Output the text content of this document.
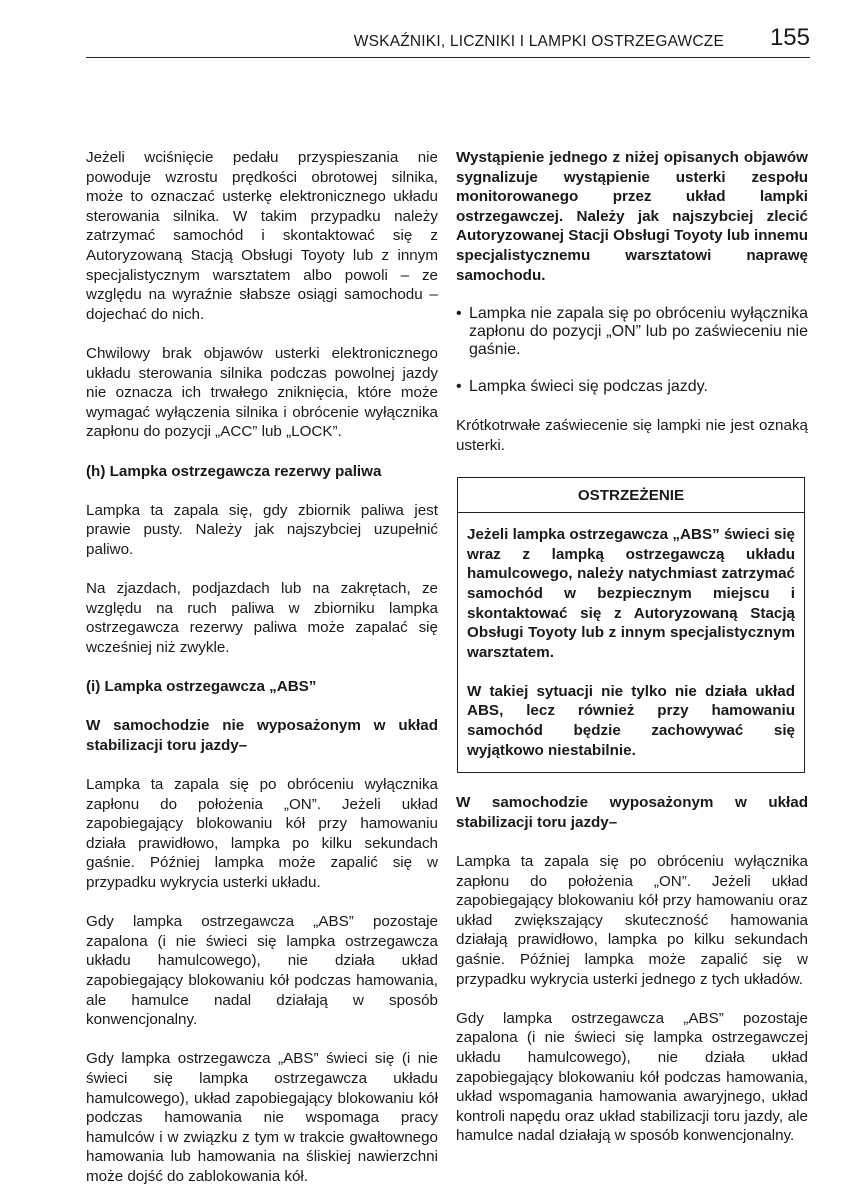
WSKAŹNIKI, LICZNIKI I LAMPKI OSTRZEGAWCZE 155

Jeżeli wciśnięcie pedału przyspieszania nie powoduje wzrostu prędkości obrotowej silnika, może to oznaczać usterkę elektronicznego układu sterowania silnika. W takim przypadku należy zatrzymać samochód i skontaktować się z Autoryzowaną Stacją Obsługi Toyoty lub z innym specjalistycznym warsztatem albo powoli – ze względu na wyraźnie słabsze osiągi samochodu – dojechać do nich.

Chwilowy brak objawów usterki elektronicznego układu sterowania silnika podczas powolnej jazdy nie oznacza ich trwałego zniknięcia, które może wymagać wyłączenia silnika i obrócenie wyłącznika zapłonu do pozycji „ACC” lub „LOCK”.

(h) Lampka ostrzegawcza rezerwy paliwa

Lampka ta zapala się, gdy zbiornik paliwa jest prawie pusty. Należy jak najszybciej uzupełnić paliwo.

Na zjazdach, podjazdach lub na zakrętach, ze względu na ruch paliwa w zbiorniku lampka ostrzegawcza rezerwy paliwa może zapalać się wcześniej niż zwykle.

(i) Lampka ostrzegawcza „ABS”

W samochodzie nie wyposażonym w układ stabilizacji toru jazdy–

Lampka ta zapala się po obróceniu wyłącznika zapłonu do położenia „ON”. Jeżeli układ zapobiegający blokowaniu kół przy hamowaniu działa prawidłowo, lampka po kilku sekundach gaśnie. Później lampka może zapalić się w przypadku wykrycia usterki układu.

Gdy lampka ostrzegawcza „ABS” pozostaje zapalona (i nie świeci się lampka ostrzegawcza układu hamulcowego), nie działa układ zapobiegający blokowaniu kół podczas hamowania, ale hamulce nadal działają w sposób konwencjonalny.

Gdy lampka ostrzegawcza „ABS” świeci się (i nie świeci się lampka ostrzegawcza układu hamulcowego), układ zapobiegający blokowaniu kół podczas hamowania nie wspomaga pracy hamulców i w związku z tym w trakcie gwałtownego hamowania lub hamowania na śliskiej nawierzchni może dojść do zablokowania kół.

Wystąpienie jednego z niżej opisanych objawów sygnalizuje wystąpienie usterki zespołu monitorowanego przez układ lampki ostrzegawczej. Należy jak najszybciej zlecić Autoryzowanej Stacji Obsługi Toyoty lub innemu specjalistycznemu warsztatowi naprawę samochodu.

• Lampka nie zapala się po obróceniu wyłącznika zapłonu do pozycji „ON” lub po zaświeceniu nie gaśnie.
• Lampka świeci się podczas jazdy.

Krótkotrwałe zaświecenie się lampki nie jest oznaką usterki.

OSTRZEŻENIE

Jeżeli lampka ostrzegawcza „ABS” świeci się wraz z lampką ostrzegawczą układu hamulcowego, należy natychmiast zatrzymać samochód w bezpiecznym miejscu i skontaktować się z Autoryzowaną Stacją Obsługi Toyoty lub z innym specjalistycznym warsztatem.

W takiej sytuacji nie tylko nie działa układ ABS, lecz również przy hamowaniu samochód będzie zachowywać się wyjątkowo niestabilnie.

W samochodzie wyposażonym w układ stabilizacji toru jazdy–

Lampka ta zapala się po obróceniu wyłącznika zapłonu do położenia „ON”. Jeżeli układ zapobiegający blokowaniu kół przy hamowaniu oraz układ zwiększający skuteczność hamowania działają prawidłowo, lampka po kilku sekundach gaśnie. Później lampka może zapalić się w przypadku wykrycia usterki jednego z tych układów.

Gdy lampka ostrzegawcza „ABS” pozostaje zapalona (i nie świeci się lampka ostrzegawczej układu hamulcowego), nie działa układ zapobiegający blokowaniu kół podczas hamowania, układ wspomagania hamowania awaryjnego, układ kontroli napędu oraz układ stabilizacji toru jazdy, ale hamulce nadal działają w sposób konwencjonalny.
